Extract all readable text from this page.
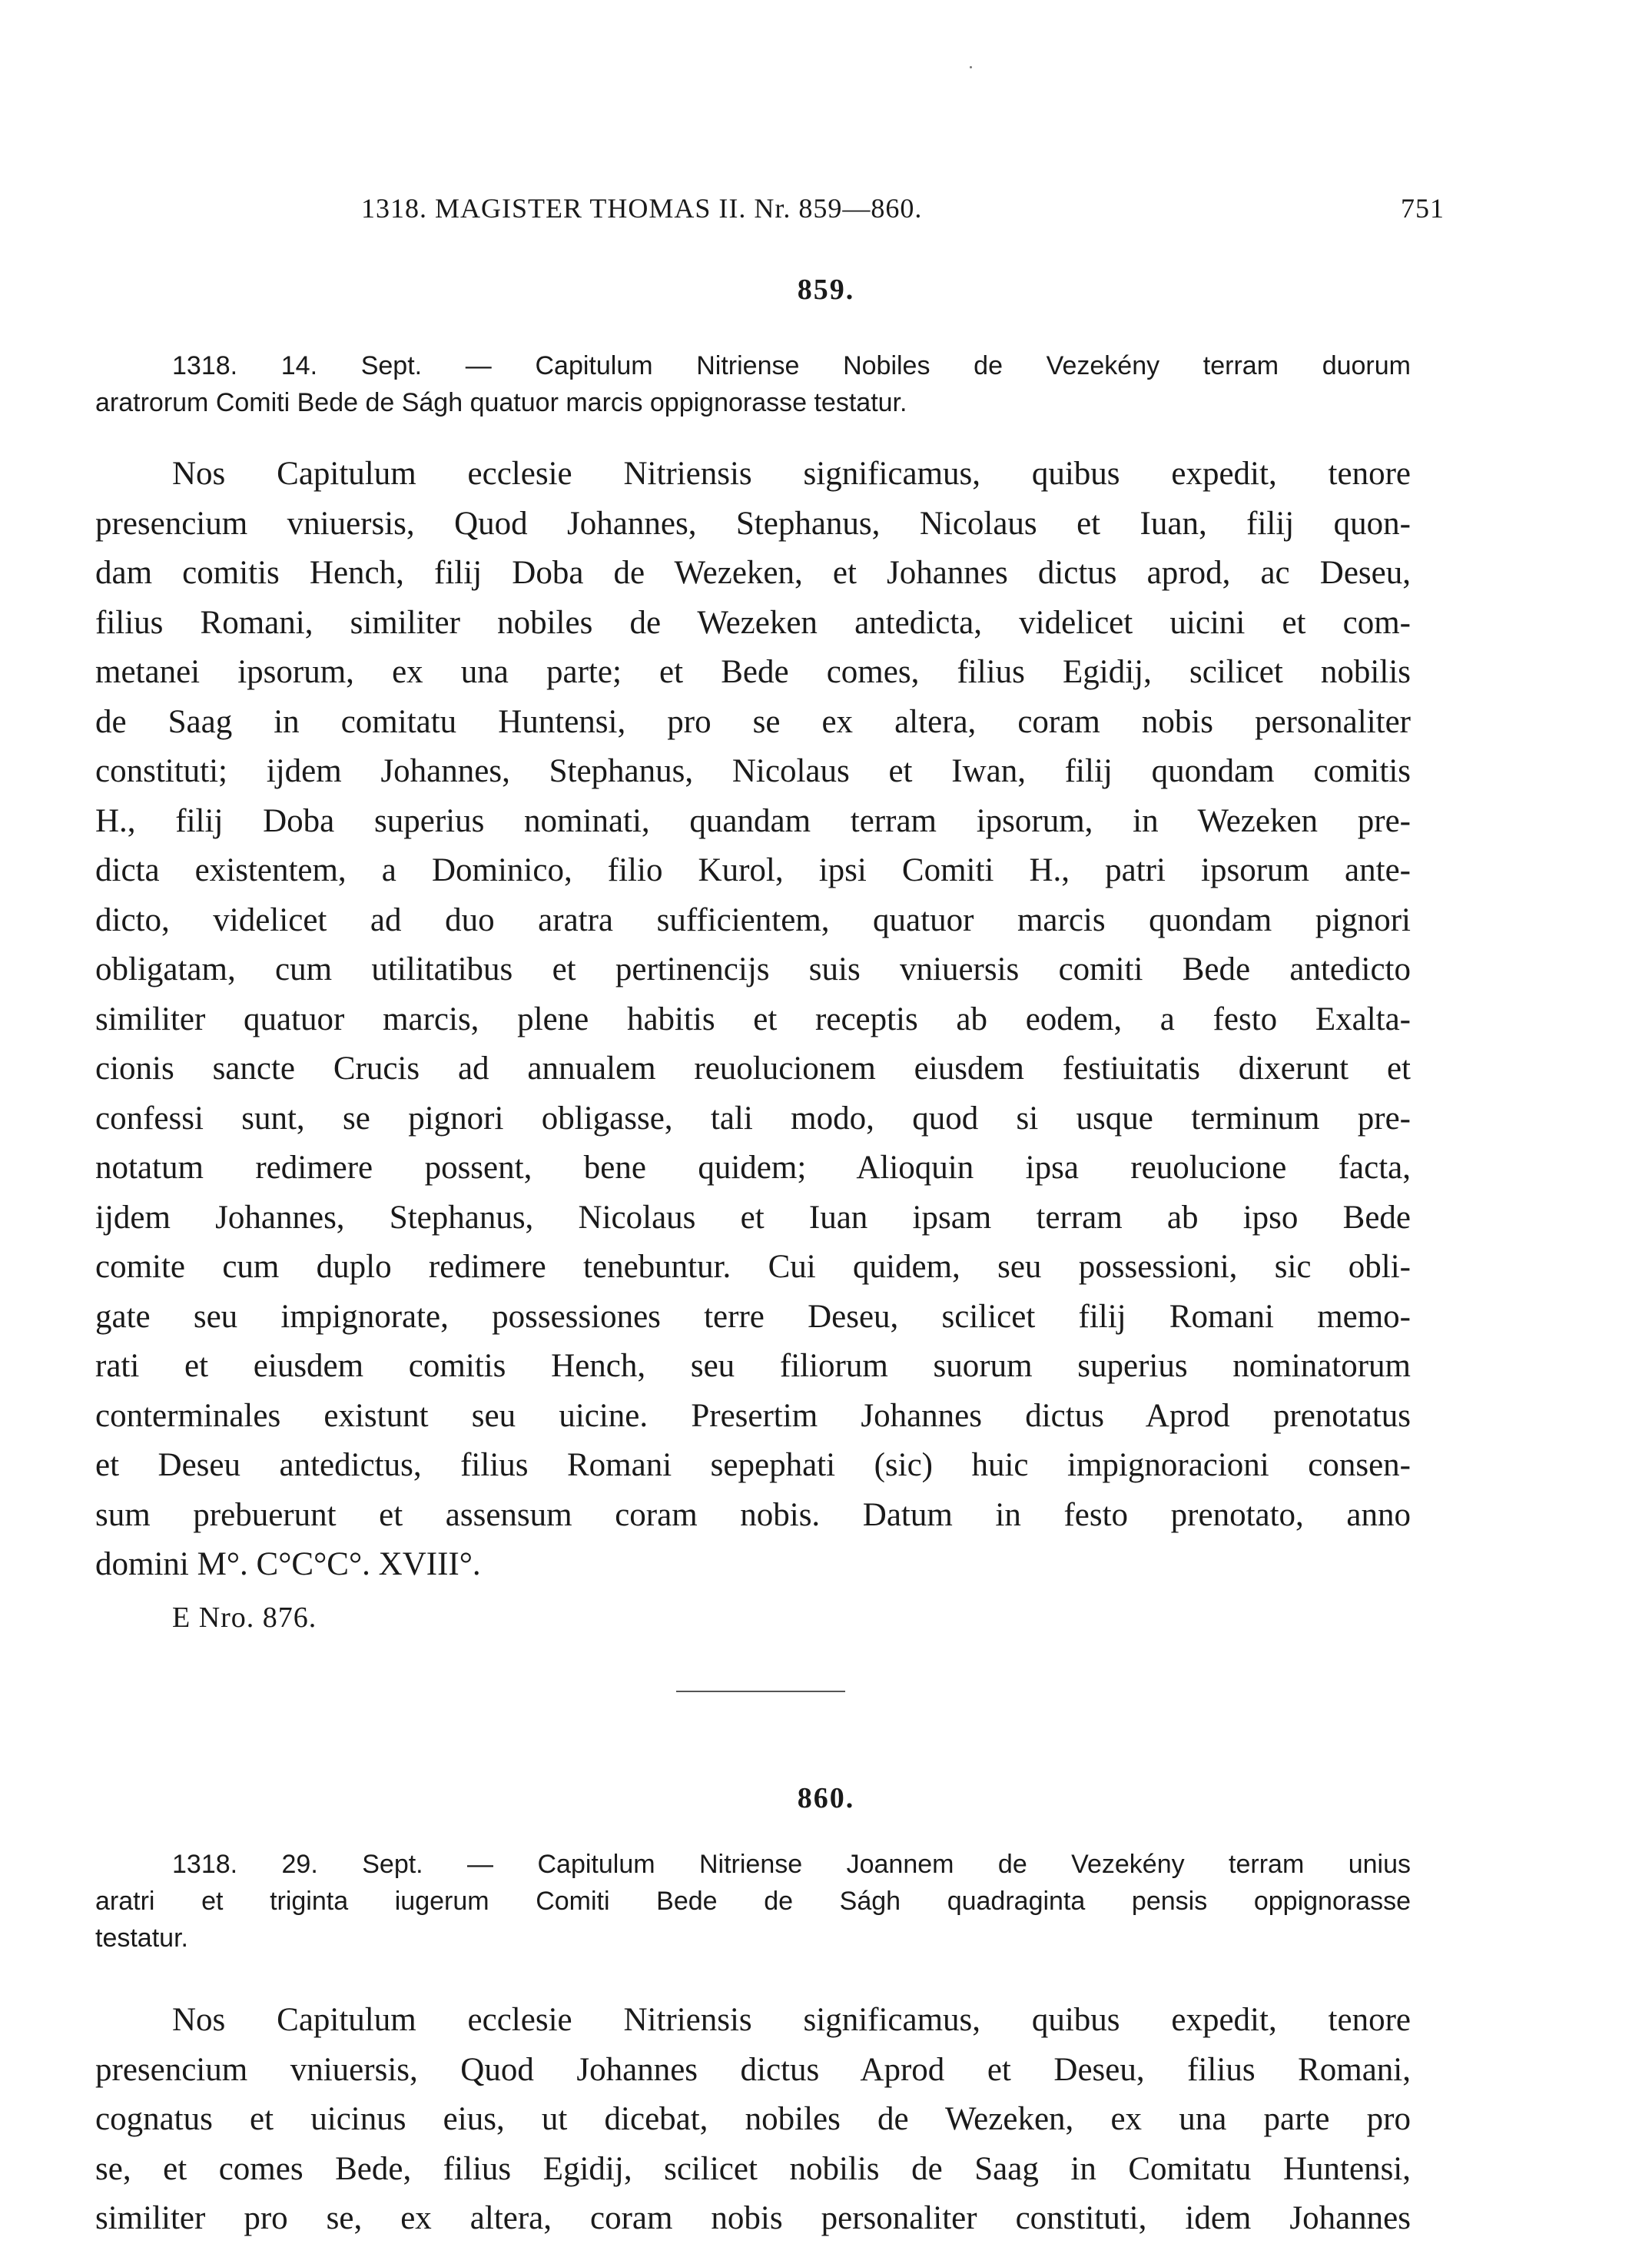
1318. MAGISTER THOMAS II. Nr. 859—860.	751
859.
1318. 14. Sept. — Capitulum Nitriense Nobiles de Vezekény terram duorum
aratrorum Comiti Bede de Ságh quatuor marcis oppignorasse testatur.
Nos Capitulum ecclesie Nitriensis significamus, quibus expedit, tenore
presencium vniuersis, Quod Johannes, Stephanus, Nicolaus et Iuan, filij quon-
dam comitis Hench, filij Doba de Wezeken, et Johannes dictus aprod, ac Deseu,
filius Romani, similiter nobiles de Wezeken antedicta, videlicet uicini et com-
metanei ipsorum, ex una parte; et Bede comes, filius Egidij, scilicet nobilis
de Saag in comitatu Huntensi, pro se ex altera, coram nobis personaliter
constituti; ijdem Johannes, Stephanus, Nicolaus et Iwan, filij quondam comitis
H., filij Doba superius nominati, quandam terram ipsorum, in Wezeken pre-
dicta existentem, a Dominico, filio Kurol, ipsi Comiti H., patri ipsorum ante-
dicto, videlicet ad duo aratra sufficientem, quatuor marcis quondam pignori
obligatam, cum utilitatibus et pertinencijs suis vniuersis comiti Bede antedicto
similiter quatuor marcis, plene habitis et receptis ab eodem, a festo Exalta-
cionis sancte Crucis ad annualem reuolucionem eiusdem festiuitatis dixerunt et
confessi sunt, se pignori obligasse, tali modo, quod si usque terminum pre-
notatum redimere possent, bene quidem; Alioquin ipsa reuolucione facta,
ijdem Johannes, Stephanus, Nicolaus et Iuan ipsam terram ab ipso Bede
comite cum duplo redimere tenebuntur. Cui quidem, seu possessioni, sic obli-
gate seu impignorate, possessiones terre Deseu, scilicet filij Romani memo-
rati et eiusdem comitis Hench, seu filiorum suorum superius nominatorum
conterminales existunt seu uicine. Presertim Johannes dictus Aprod prenotatus
et Deseu antedictus, filius Romani sepephati (sic) huic impignoracioni consen-
sum prebuerunt et assensum coram nobis. Datum in festo prenotato, anno
domini M°. C°C°C°. XVIII°.
E Nro. 876.
860.
1318. 29. Sept. — Capitulum Nitriense Joannem de Vezekény terram unius
aratri et triginta iugerum Comiti Bede de Ságh quadraginta pensis oppignorasse
testatur.
Nos Capitulum ecclesie Nitriensis significamus, quibus expedit, tenore
presencium vniuersis, Quod Johannes dictus Aprod et Deseu, filius Romani,
cognatus et uicinus eius, ut dicebat, nobiles de Wezeken, ex una parte pro
se, et comes Bede, filius Egidij, scilicet nobilis de Saag in Comitatu Huntensi,
similiter pro se, ex altera, coram nobis personaliter constituti, idem Johannes
